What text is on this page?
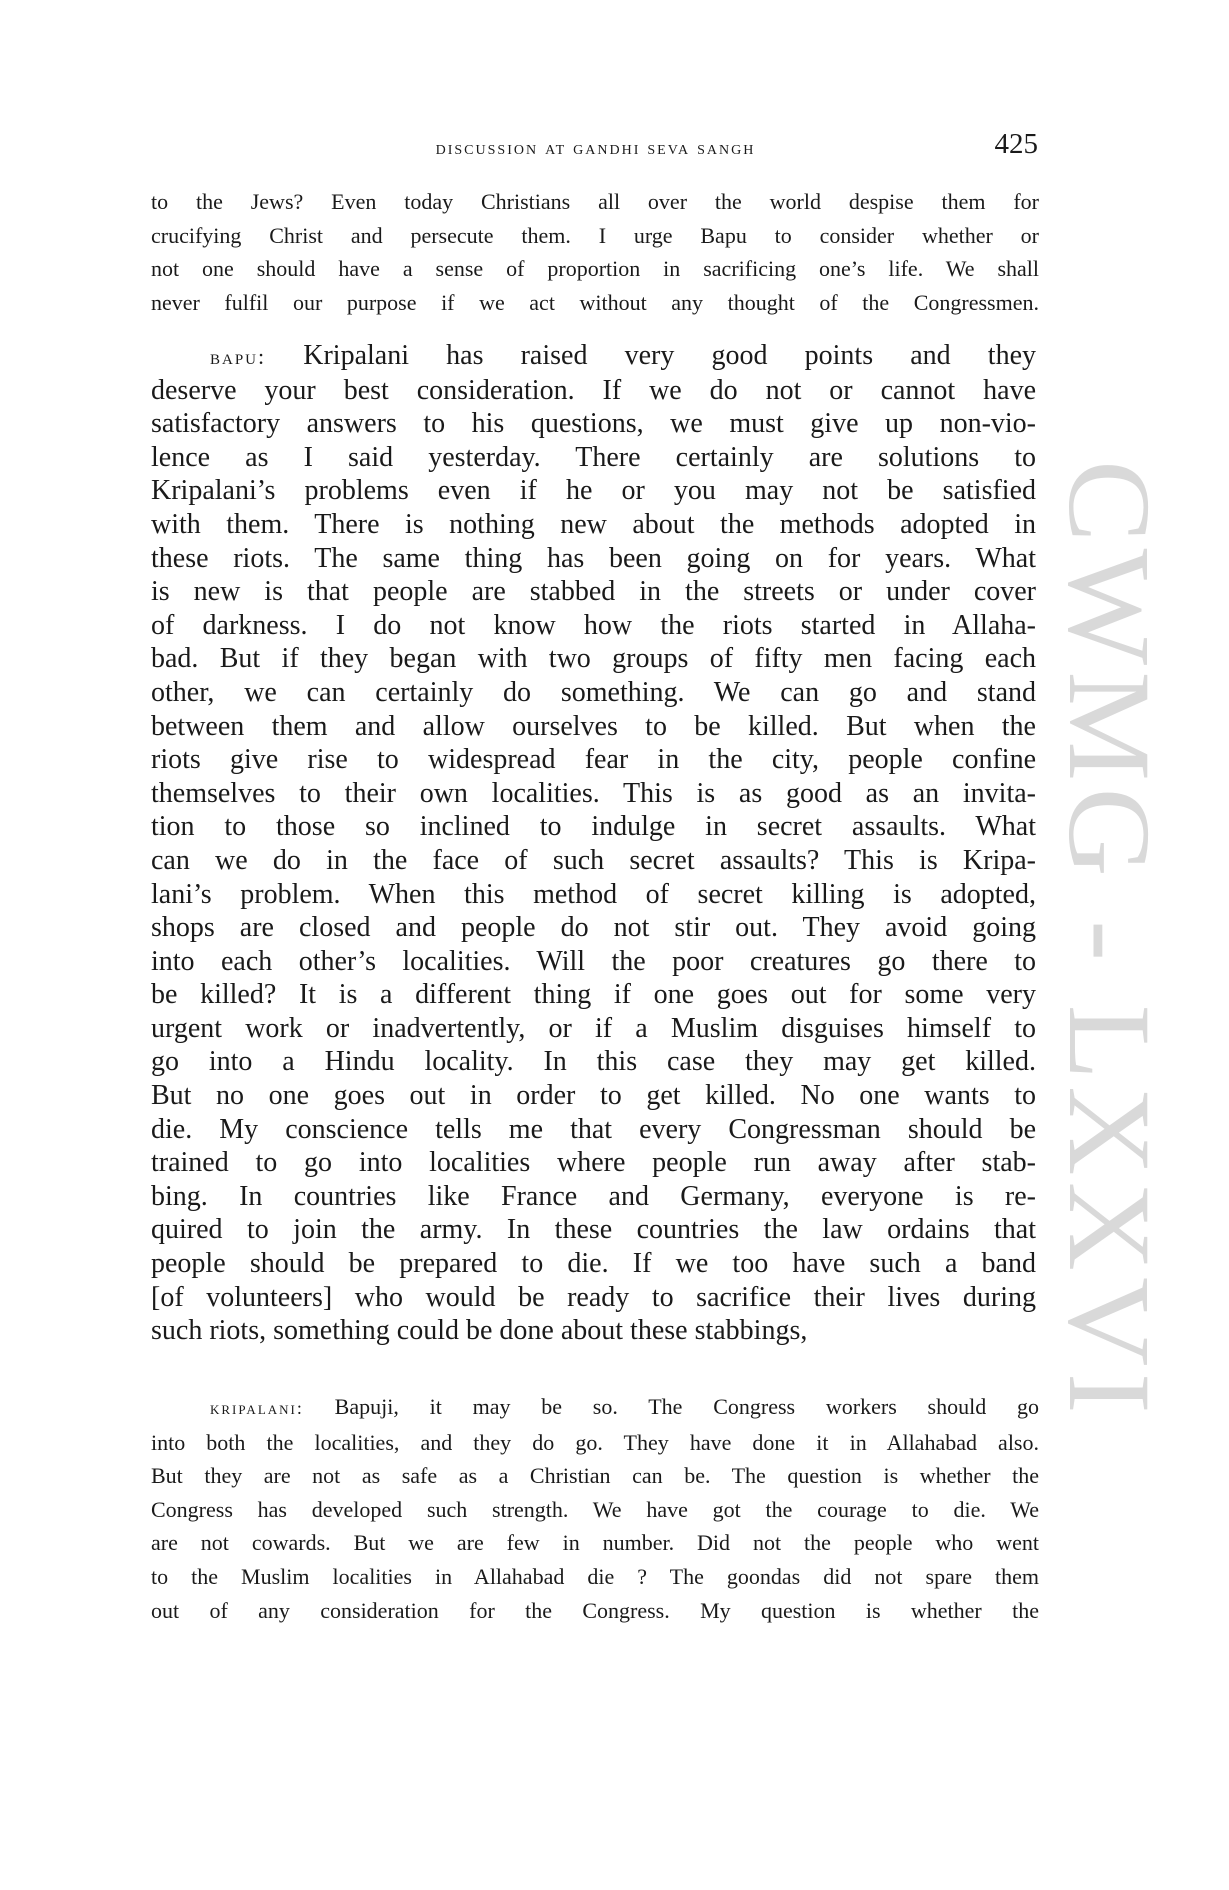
discussion at gandhi seva sangh	425
to the Jews? Even today Christians all over the world despise them for
crucifying Christ and persecute them. I urge Bapu to consider whether or
not one should have a sense of proportion in sacrificing one’s life. We shall
never fulfil our purpose if we act without any thought of the Congressmen.
bapu: Kripalani has raised very good points and they
deserve your best consideration. If we do not or cannot have
satisfactory answers to his questions, we must give up non-vio-
lence as I said yesterday. There certainly are solutions to
Kripalani’s problems even if he or you may not be satisfied
with them. There is nothing new about the methods adopted in
these riots. The same thing has been going on for years. What
is new is that people are stabbed in the streets or under cover
of darkness. I do not know how the riots started in Allaha-
bad. But if they began with two groups of fifty men facing each
other, we can certainly do something. We can go and stand
between them and allow ourselves to be killed. But when the
riots give rise to widespread fear in the city, people confine
themselves to their own localities. This is as good as an invita-
tion to those so inclined to indulge in secret assaults. What
can we do in the face of such secret assaults? This is Kripa-
lani’s problem. When this method of secret killing is adopted,
shops are closed and people do not stir out. They avoid going
into each other’s localities. Will the poor creatures go there to
be killed? It is a different thing if one goes out for some very
urgent work or inadvertently, or if a Muslim disguises himself to
go into a Hindu locality. In this case they may get killed.
But no one goes out in order to get killed. No one wants to
die. My conscience tells me that every Congressman should be
trained to go into localities where people run away after stab-
bing. In countries like France and Germany, everyone is re-
quired to join the army. In these countries the law ordains that
people should be prepared to die. If we too have such a band
[of volunteers] who would be ready to sacrifice their lives during
such riots, something could be done about these stabbings,
kripalani: Bapuji, it may be so. The Congress workers should go
into both the localities, and they do go. They have done it in Allahabad also.
But they are not as safe as a Christian can be. The question is whether the
Congress has developed such strength. We have got the courage to die. We
are not cowards. But we are few in number. Did not the people who went
to the Muslim localities in Allahabad die ? The goondas did not spare them
out of any consideration for the Congress. My question is whether the
CWMG - LXXVI
